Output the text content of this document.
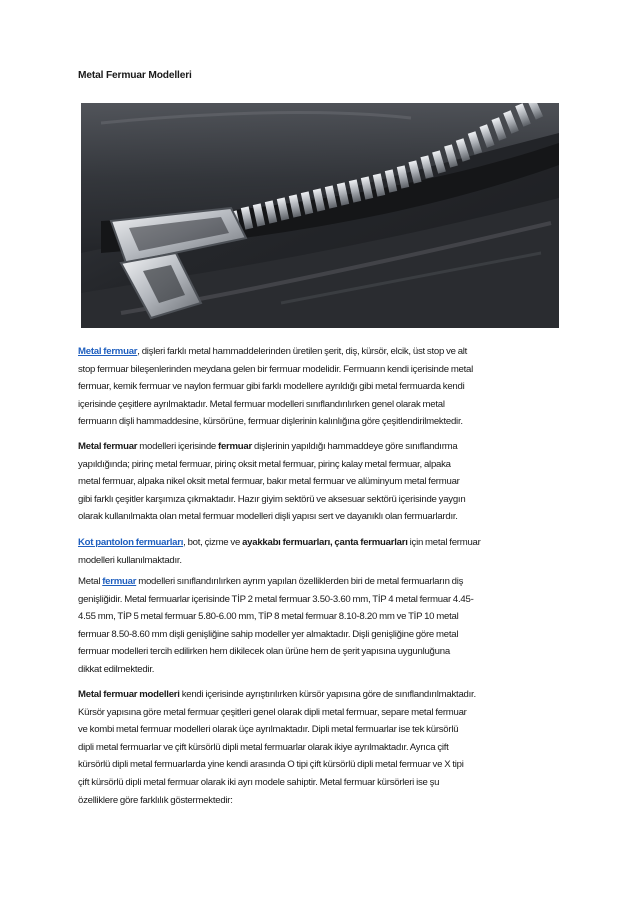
Metal Fermuar Modelleri
Metal fermuar, dişleri farklı metal hammaddelerinden üretilen şerit, diş, kürsör, elcik, üst stop ve alt
stop fermuar bileşenlerinden meydana gelen bir fermuar modelidir. Fermuarın kendi içerisinde metal
fermuar, kemik fermuar ve naylon fermuar gibi farklı modellere ayrıldığı gibi metal fermuarda kendi
içerisinde çeşitlere ayrılmaktadır. Metal fermuar modelleri sınıflandırılırken genel olarak metal
fermuarın dişli hammaddesine, kürsörüne, fermuar dişlerinin kalınlığına göre çeşitlendirilmektedir.
Metal fermuar modelleri içerisinde fermuar dişlerinin yapıldığı hammaddeye göre sınıflandırma
yapıldığında; pirinç metal fermuar, pirinç oksit metal fermuar, pirinç kalay metal fermuar, alpaka
metal fermuar, alpaka nikel oksit metal fermuar, bakır metal fermuar ve alüminyum metal fermuar
gibi farklı çeşitler karşımıza çıkmaktadır. Hazır giyim sektörü ve aksesuar sektörü içerisinde yaygın
olarak kullanılmakta olan metal fermuar modelleri dişli yapısı sert ve dayanıklı olan fermuarlardır.
Kot pantolon fermuarları, bot, çizme ve ayakkabı fermuarları, çanta fermuarları için metal fermuar
modelleri kullanılmaktadır.
Metal fermuar modelleri sınıflandırılırken ayrım yapılan özelliklerden biri de metal fermuarların diş
genişliğidir. Metal fermuarlar içerisinde TİP 2 metal fermuar 3.50-3.60 mm, TİP 4 metal fermuar 4.45-
4.55 mm, TİP 5 metal fermuar 5.80-6.00 mm, TİP 8 metal fermuar 8.10-8.20 mm ve TİP 10 metal
fermuar 8.50-8.60 mm dişli genişliğine sahip modeller yer almaktadır. Dişli genişliğine göre metal
fermuar modelleri tercih edilirken hem dikilecek olan ürüne hem de şerit yapısına uygunluğuna
dikkat edilmektedir.
Metal fermuar modelleri kendi içerisinde ayrıştırılırken kürsör yapısına göre de sınıflandırılmaktadır.
Kürsör yapısına göre metal fermuar çeşitleri genel olarak dipli metal fermuar, separe metal fermuar
ve kombi metal fermuar modelleri olarak üçe ayrılmaktadır. Dipli metal fermuarlar ise tek kürsörlü
dipli metal fermuarlar ve çift kürsörlü dipli metal fermuarlar olarak ikiye ayrılmaktadır. Ayrıca çift
kürsörlü dipli metal fermuarlarda yine kendi arasında O tipi çift kürsörlü dipli metal fermuar ve X tipi
çift kürsörlü dipli metal fermuar olarak iki ayrı modele sahiptir. Metal fermuar kürsörleri ise şu
özelliklere göre farklılık göstermektedir:
